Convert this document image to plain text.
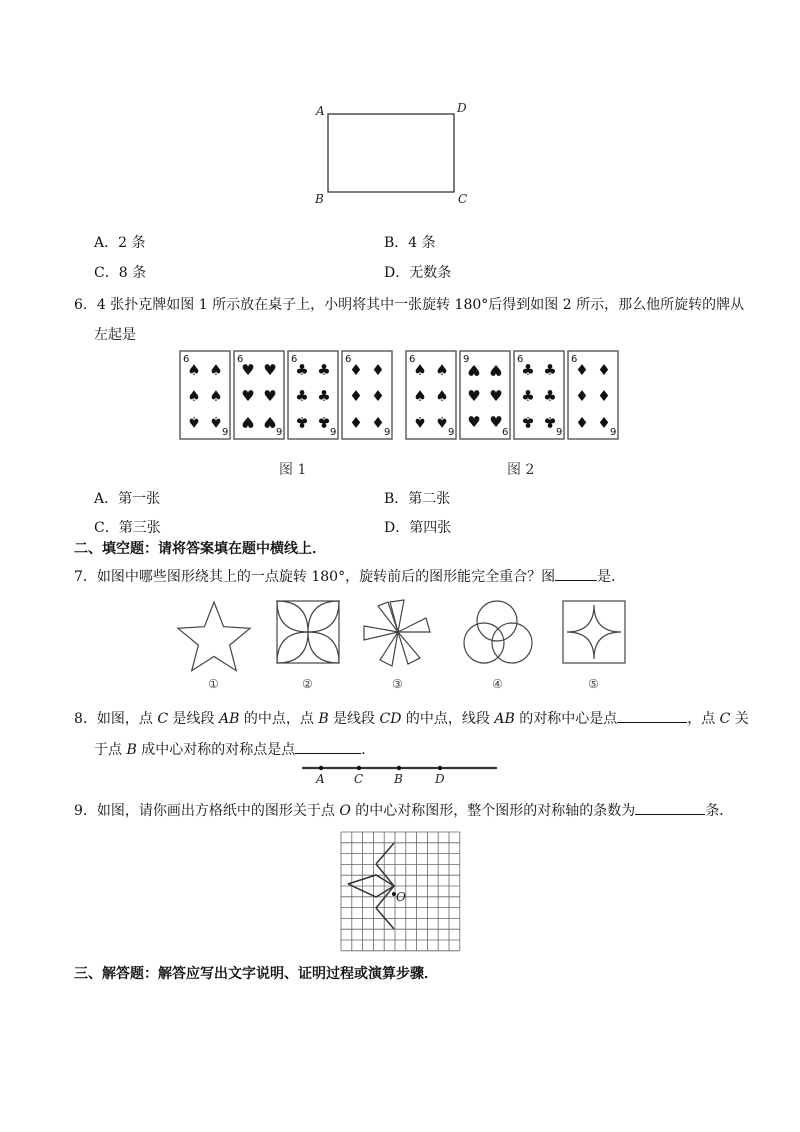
A	D
B	C
A．2 条	B．4 条
C．8 条	D．无数条
6．4 张扑克牌如图 1 所示放在桌子上，小明将其中一张旋转 180°后得到如图 2 所示，那么他所旋转的牌从
左起是
6
9
♠ ♠
♠ ♠
♠ ♠
6
9
♥ ♥
♥ ♥
♥ ♥
6
9
♣ ♣
♣ ♣
♣ ♣
6
9
♦ ♦
♦ ♦
♦ ♦
6
9
♠ ♠
♠ ♠
♠ ♠
9
6
♥ ♥
♥ ♥
♥ ♥
6
9
♣ ♣
♣ ♣
♣ ♣
6
9
♦ ♦
♦ ♦
♦ ♦
图 1	图 2
A．第一张	B．第二张
C．第三张	D．第四张
二、填空题：请将答案填在题中横线上．
7．如图中哪些图形绕其上的一点旋转 180°，旋转前后的图形能完全重合？图	是．
①	②	③	④	⑤
8．如图，点 C 是线段 AB 的中点，点 B 是线段 CD 的中点，线段 AB 的对称中心是点	，点 C 关
于点 B 成中心对称的对称点是点	．
A C	B	D
9．如图，请你画出方格纸中的图形关于点 O 的中心对称图形，整个图形的对称轴的条数为	条．
O
三、解答题：解答应写出文字说明、证明过程或演算步骤．
